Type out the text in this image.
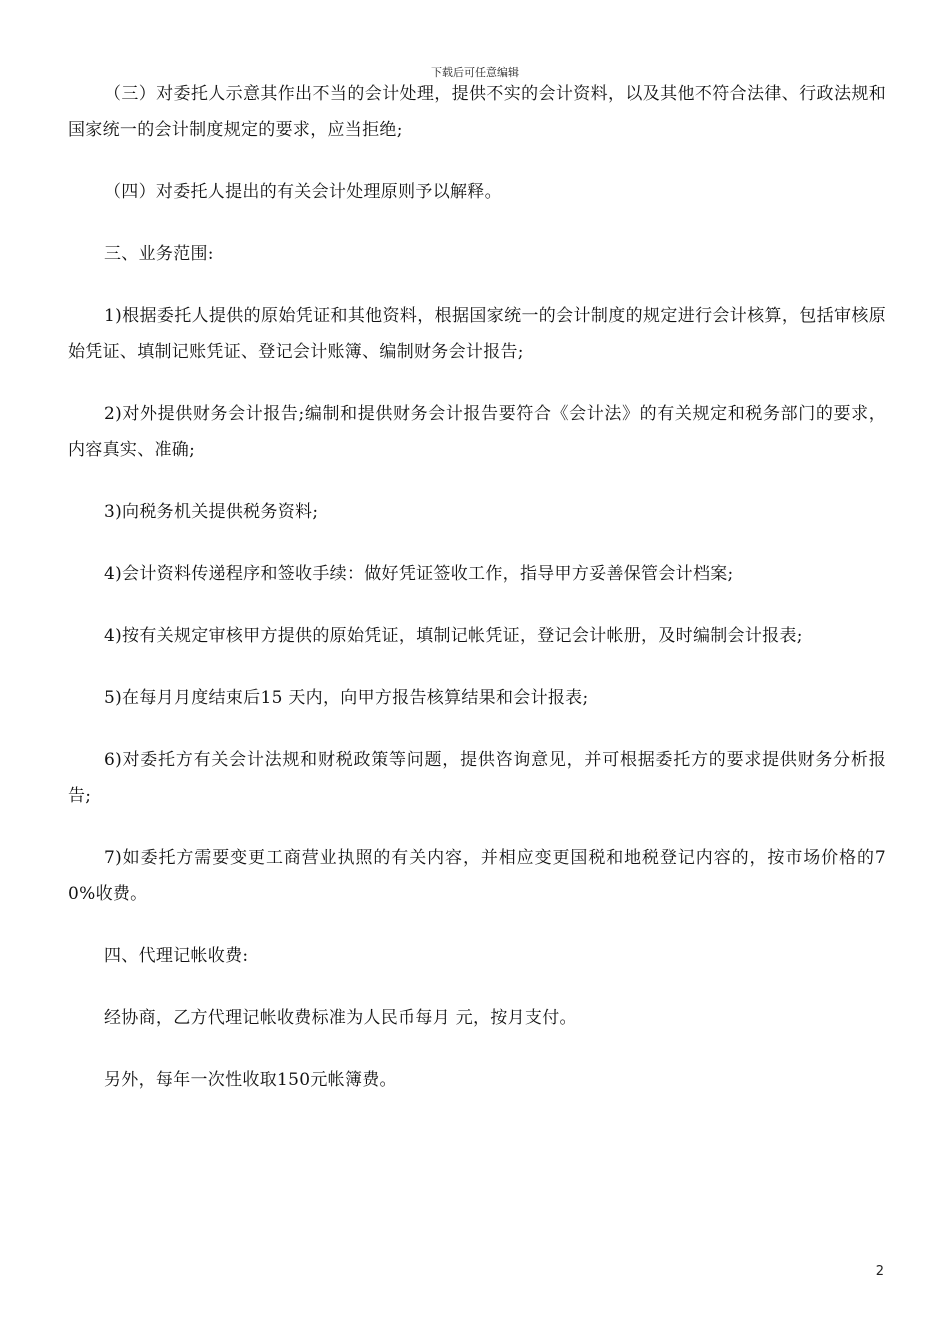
下载后可任意编辑

（三）对委托人示意其作出不当的会计处理，提供不实的会计资料，以及其他不符合法律、行政法规和国家统一的会计制度规定的要求，应当拒绝;

（四）对委托人提出的有关会计处理原则予以解释。

三、业务范围:

1)根据委托人提供的原始凭证和其他资料，根据国家统一的会计制度的规定进行会计核算，包括审核原始凭证、填制记账凭证、登记会计账簿、编制财务会计报告;

2)对外提供财务会计报告;编制和提供财务会计报告要符合《会计法》的有关规定和税务部门的要求，内容真实、准确;

3)向税务机关提供税务资料;

4)会计资料传递程序和签收手续：做好凭证签收工作，指导甲方妥善保管会计档案;

4)按有关规定审核甲方提供的原始凭证，填制记帐凭证，登记会计帐册，及时编制会计报表;

5)在每月月度结束后15 天内，向甲方报告核算结果和会计报表;

6)对委托方有关会计法规和财税政策等问题，提供咨询意见，并可根据委托方的要求提供财务分析报告;

7)如委托方需要变更工商营业执照的有关内容，并相应变更国税和地税登记内容的，按市场价格的70%收费。

四、代理记帐收费:

经协商，乙方代理记帐收费标准为人民币每月 元，按月支付。

另外，每年一次性收取150元帐簿费。

2
